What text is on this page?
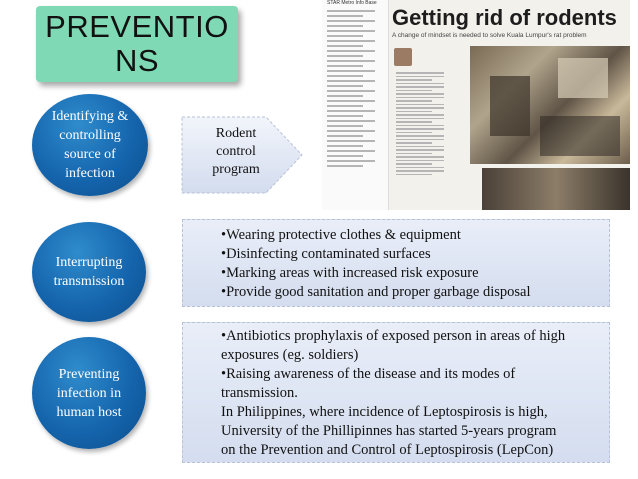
PREVENTIO
NS
Identifying & controlling source of infection
Interrupting transmission
Preventing infection in human host
Rodent
control
program
•Wearing protective clothes & equipment
•Disinfecting contaminated surfaces
•Marking areas with increased risk exposure
•Provide good sanitation and proper garbage disposal
•Antibiotics prophylaxis of exposed person in areas of high
exposures (eg. soldiers)
•Raising awareness of the disease and its modes of
transmission.
In Philippines, where incidence of Leptospirosis is high,
University of the Phillipinnes has started 5-years program
on the Prevention and Control of Leptospirosis (LepCon)
STAR Metro Info Base
Getting rid of rodents
A change of mindset is needed to solve Kuala Lumpur's rat problem
